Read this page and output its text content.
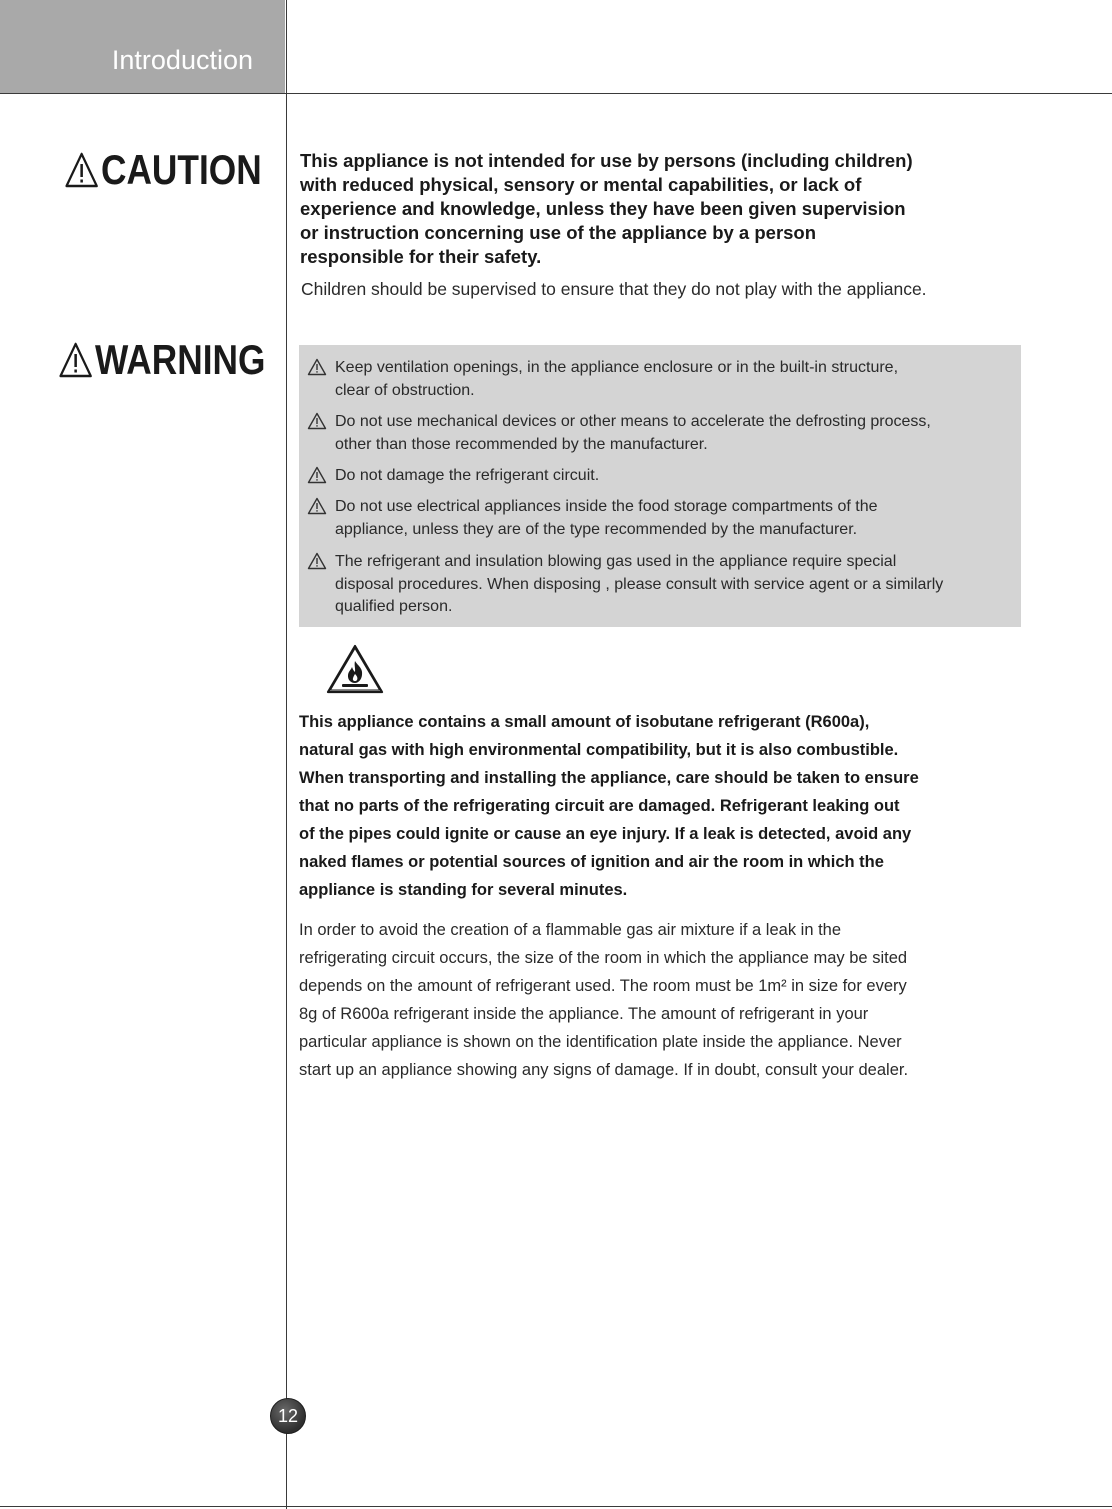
Introduction
CAUTION This appliance is not intended for use by persons (including children)
with reduced physical, sensory or mental capabilities, or lack of
experience and knowledge, unless they have been given supervision
or instruction concerning use of the appliance by a person
responsible for their safety.
Children should be supervised to ensure that they do not play with the appliance.
WARNING	Keep ventilation openings, in the appliance enclosure or in the built-in structure,
clear of obstruction.
Do not use mechanical devices or other means to accelerate the defrosting process,
other than those recommended by the manufacturer.
Do not damage the refrigerant circuit.
Do not use electrical appliances inside the food storage compartments of the
appliance, unless they are of the type recommended by the manufacturer.
The refrigerant and insulation blowing gas used in the appliance require special
disposal procedures. When disposing , please consult with service agent or a similarly
qualified person.
This appliance contains a small amount of isobutane refrigerant (R600a),
natural gas with high environmental compatibility, but it is also combustible.
When transporting and installing the appliance, care should be taken to ensure
that no parts of the refrigerating circuit are damaged. Refrigerant leaking out
of the pipes could ignite or cause an eye injury. If a leak is detected, avoid any
naked flames or potential sources of ignition and air the room in which the
appliance is standing for several minutes.
In order to avoid the creation of a flammable gas air mixture if a leak in the
refrigerating circuit occurs, the size of the room in which the appliance may be sited
depends on the amount of refrigerant used. The room must be 1m² in size for every
8g of R600a refrigerant inside the appliance. The amount of refrigerant in your
particular appliance is shown on the identification plate inside the appliance. Never
start up an appliance showing any signs of damage. If in doubt, consult your dealer.
12
